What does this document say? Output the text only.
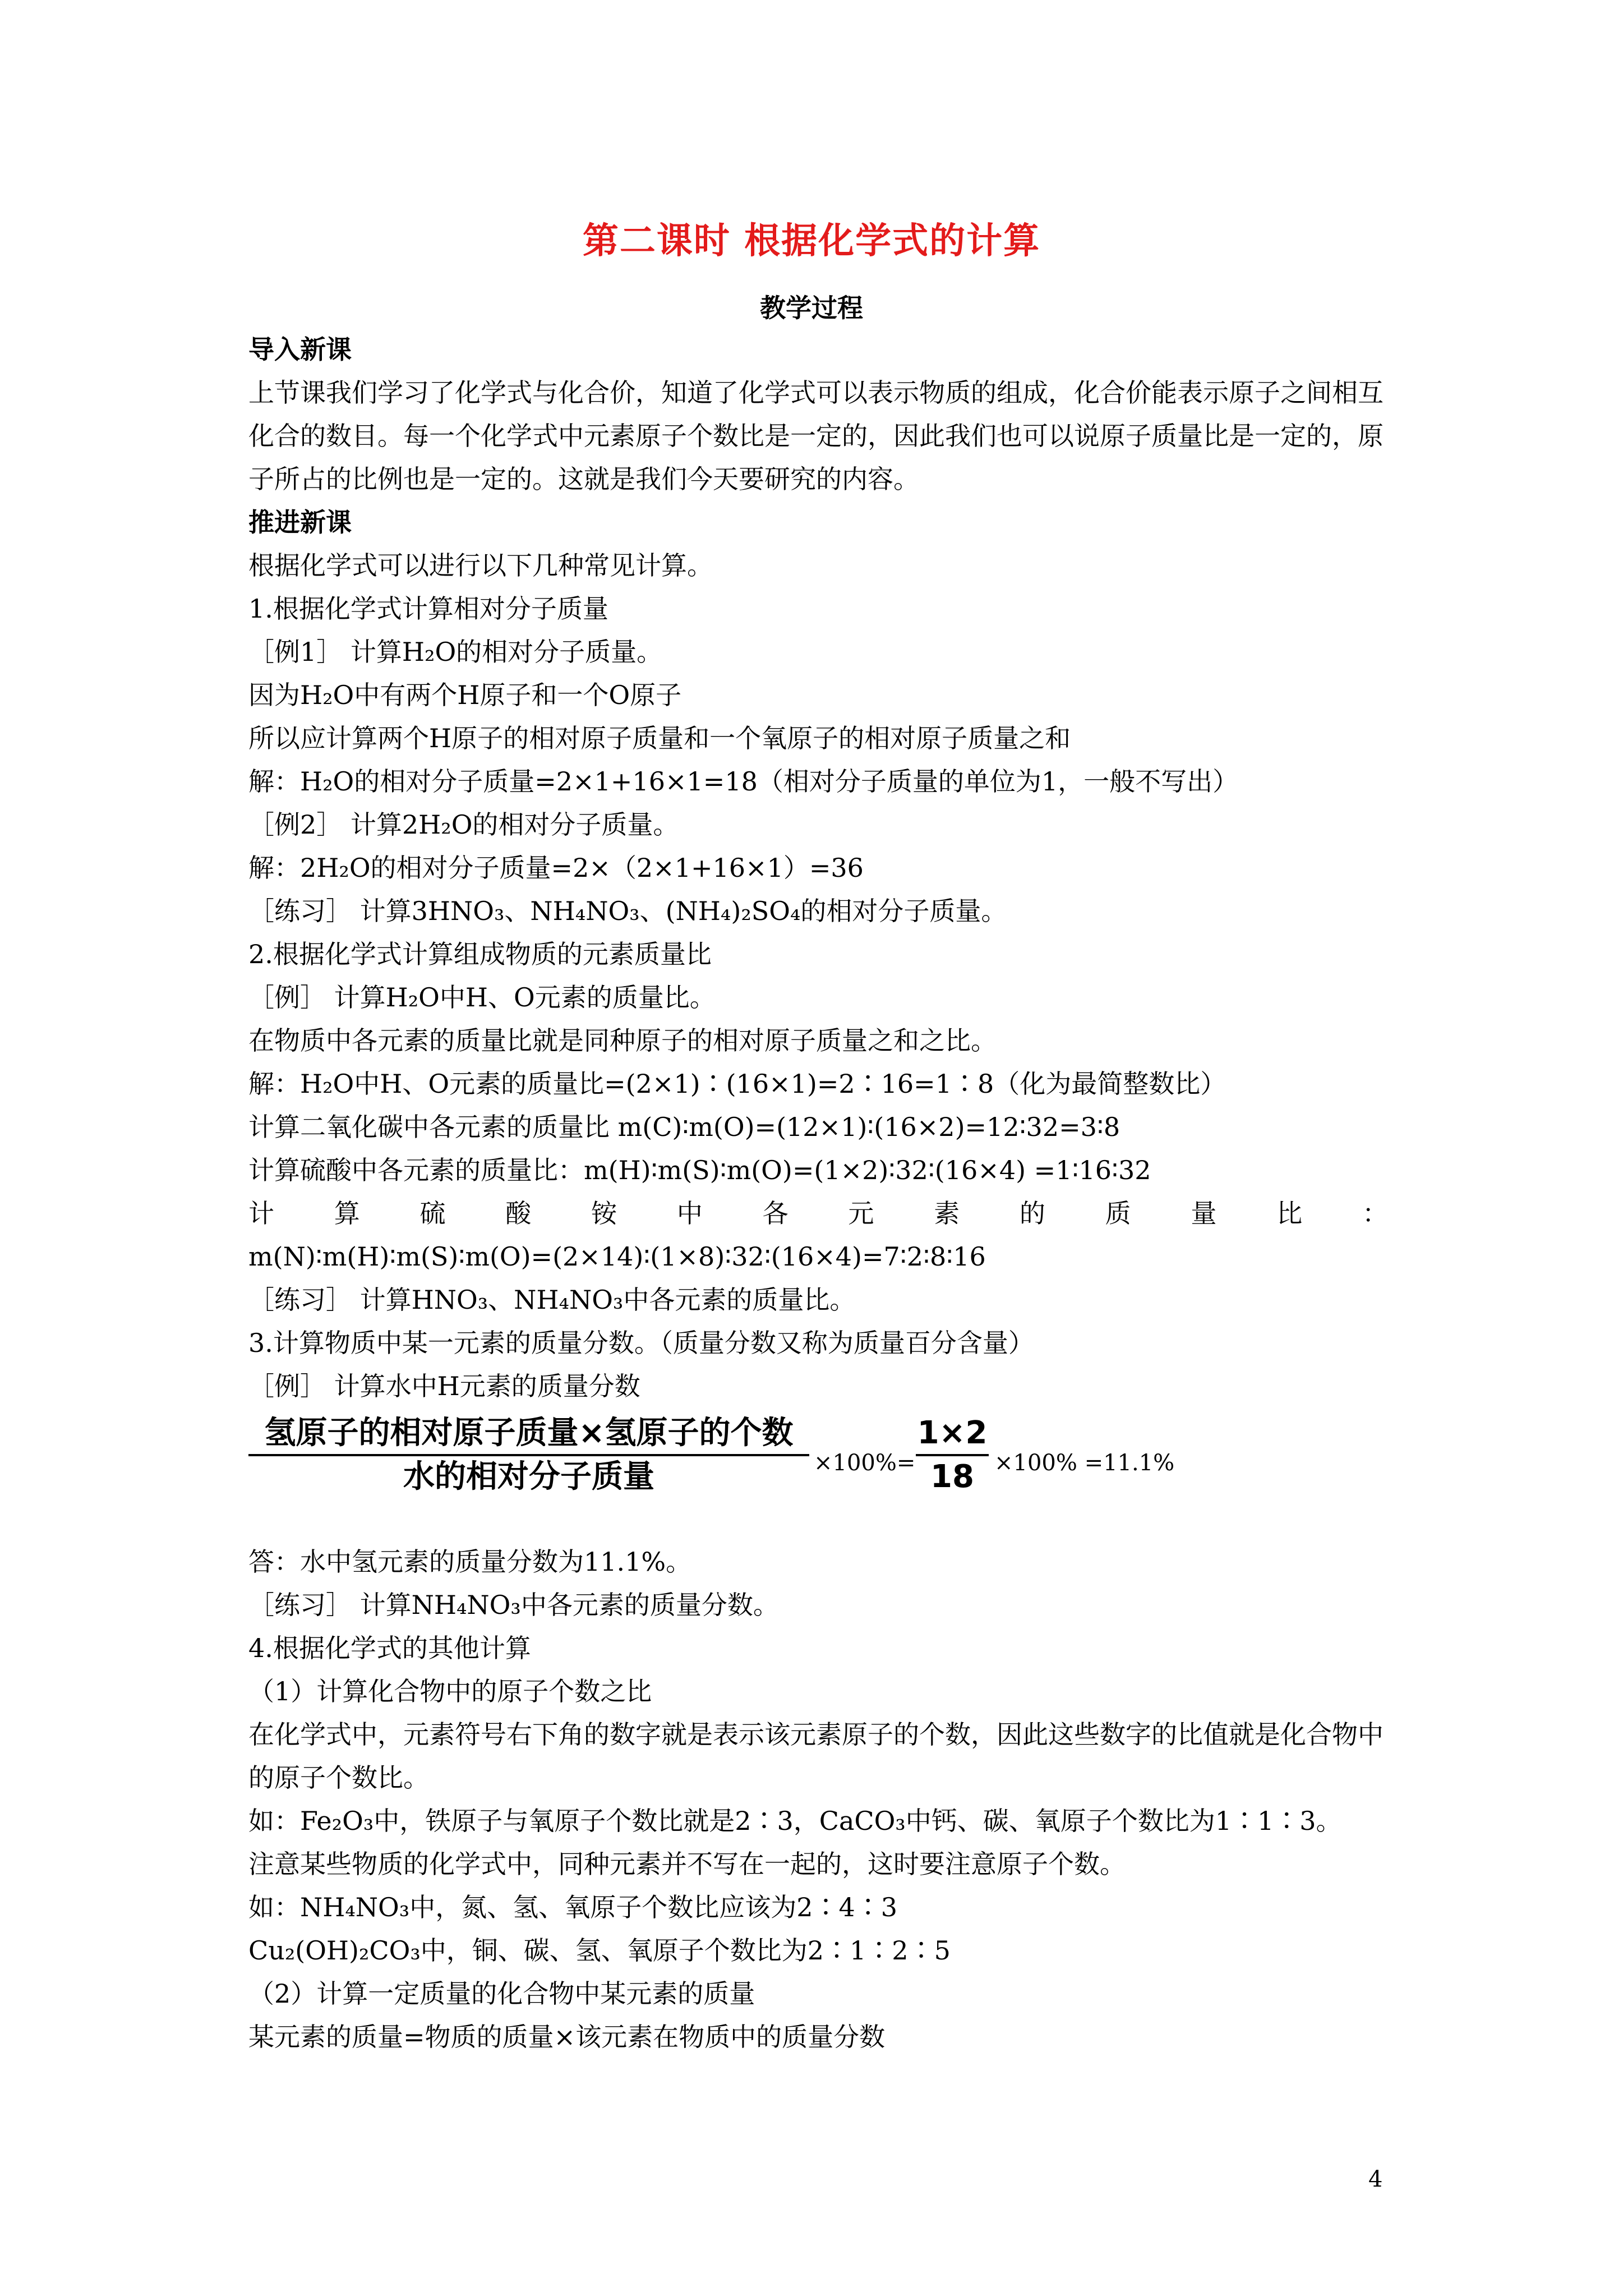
第二课时 根据化学式的计算
教学过程
导入新课
上节课我们学习了化学式与化合价，知道了化学式可以表示物质的组成，化合价能表示原子之间相互化合的数目。每一个化学式中元素原子个数比是一定的，因此我们也可以说原子质量比是一定的，原子所占的比例也是一定的。这就是我们今天要研究的内容。
推进新课
根据化学式可以进行以下几种常见计算。
1.根据化学式计算相对分子质量
［例1］ 计算H₂O的相对分子质量。
因为H₂O中有两个H原子和一个O原子
所以应计算两个H原子的相对原子质量和一个氧原子的相对原子质量之和
解：H₂O的相对分子质量=2×1+16×1=18（相对分子质量的单位为1，一般不写出）
［例2］ 计算2H₂O的相对分子质量。
解：2H₂O的相对分子质量=2×（2×1+16×1）=36
［练习］ 计算3HNO₃、NH₄NO₃、(NH₄)₂SO₄的相对分子质量。
2.根据化学式计算组成物质的元素质量比
［例］ 计算H₂O中H、O元素的质量比。
在物质中各元素的质量比就是同种原子的相对原子质量之和之比。
解：H₂O中H、O元素的质量比=(2×1)∶(16×1)=2∶16=1∶8（化为最简整数比）
计算二氧化碳中各元素的质量比 m(C)∶m(O)=(12×1)∶(16×2)=12∶32=3∶8
计算硫酸中各元素的质量比：m(H)∶m(S)∶m(O)=(1×2)∶32∶(16×4) =1∶16∶32
计 算 硫 酸 铵 中 各 元 素 的 质 量 比 ：
m(N)∶m(H)∶m(S)∶m(O)=(2×14)∶(1×8)∶32∶(16×4)=7∶2∶8∶16
［练习］ 计算HNO₃、NH₄NO₃中各元素的质量比。
3.计算物质中某一元素的质量分数。（质量分数又称为质量百分含量）
［例］ 计算水中H元素的质量分数
氢原子的相对原子质量×氢原子的个数
水的相对分子质量	×100%=
1×2
18 ×100% =11.1%
答：水中氢元素的质量分数为11.1%。
［练习］ 计算NH₄NO₃中各元素的质量分数。
4.根据化学式的其他计算
（1）计算化合物中的原子个数之比
在化学式中，元素符号右下角的数字就是表示该元素原子的个数，因此这些数字的比值就是化合物中的原子个数比。
如：Fe₂O₃中，铁原子与氧原子个数比就是2∶3，CaCO₃中钙、碳、氧原子个数比为1∶1∶3。
注意某些物质的化学式中，同种元素并不写在一起的，这时要注意原子个数。
如：NH₄NO₃中，氮、氢、氧原子个数比应该为2∶4∶3
Cu₂(OH)₂CO₃中，铜、碳、氢、氧原子个数比为2∶1∶2∶5
（2）计算一定质量的化合物中某元素的质量
某元素的质量=物质的质量×该元素在物质中的质量分数
4
